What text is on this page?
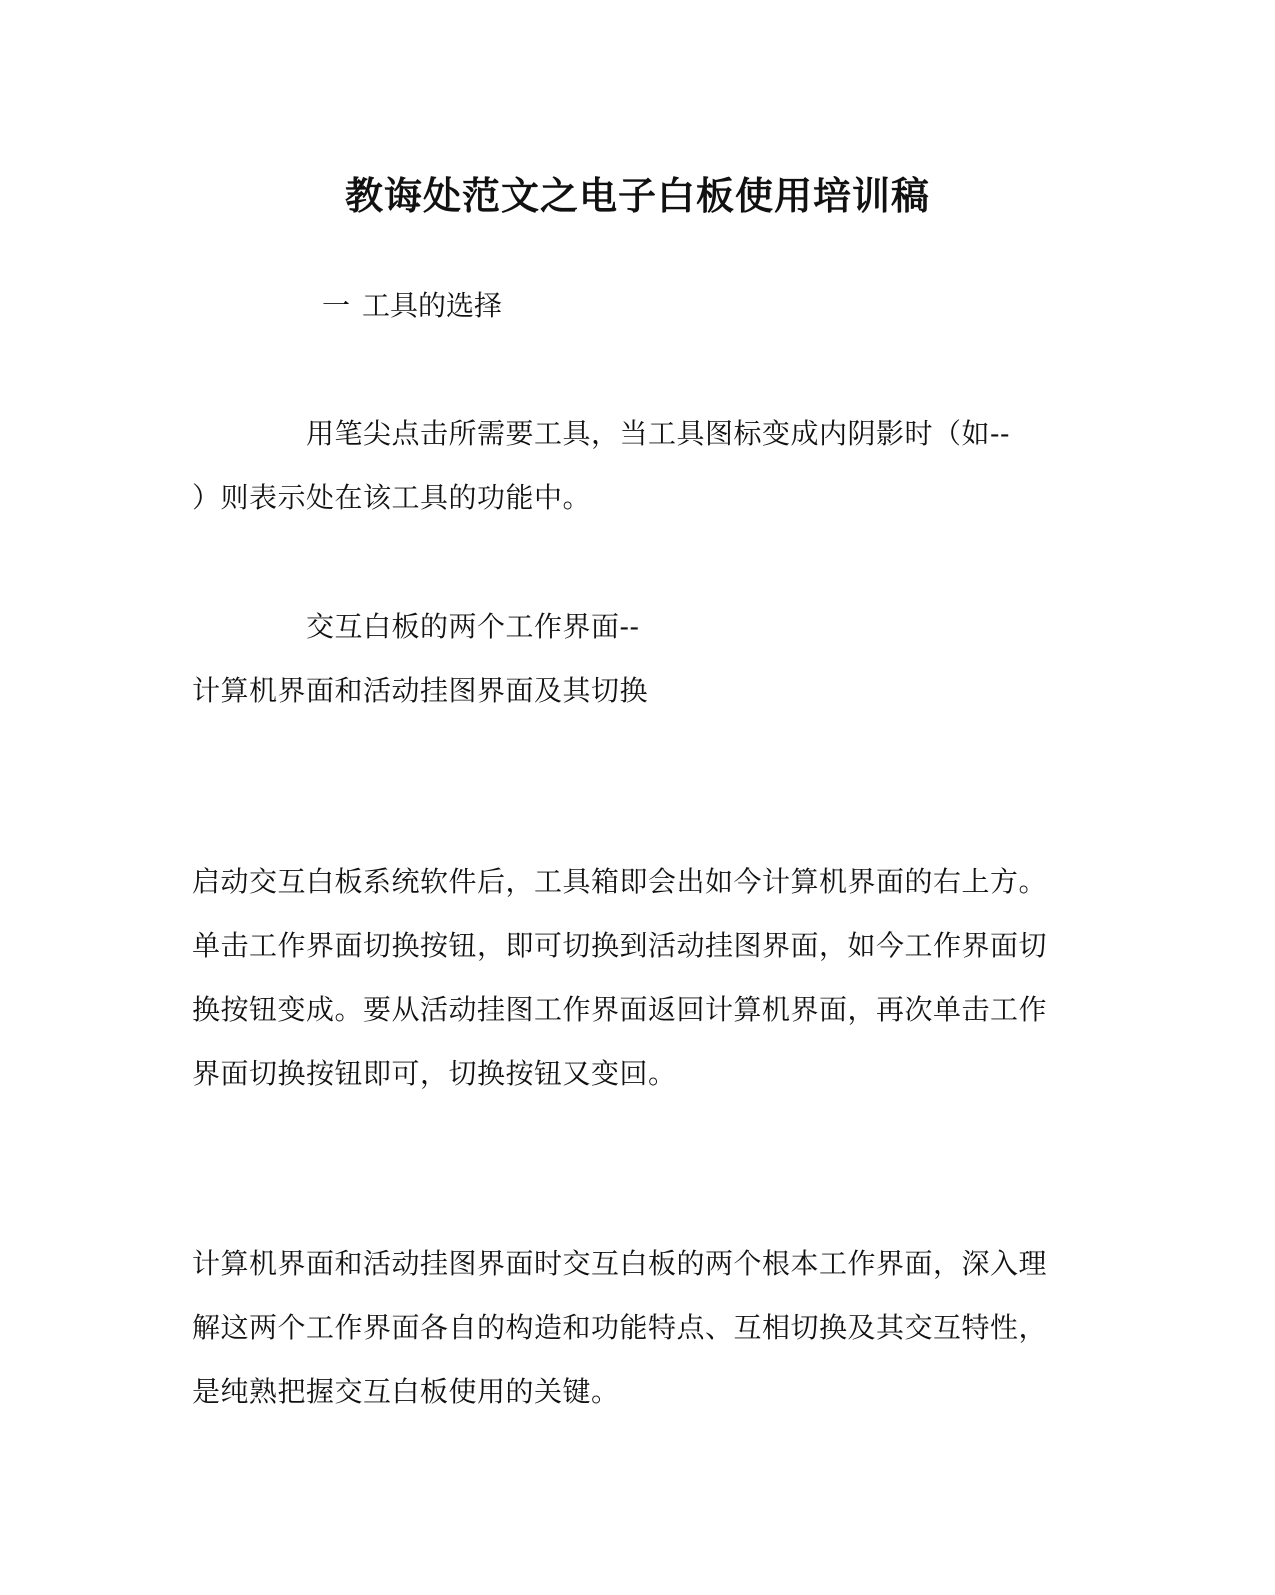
教诲处范文之电子白板使用培训稿
一 工具的选择
用笔尖点击所需要工具，当工具图标变成内阴影时（如--
）则表示处在该工具的功能中。
交互白板的两个工作界面--
计算机界面和活动挂图界面及其切换
启动交互白板系统软件后，工具箱即会出如今计算机界面的右上方。
单击工作界面切换按钮，即可切换到活动挂图界面，如今工作界面切
换按钮变成。要从活动挂图工作界面返回计算机界面，再次单击工作
界面切换按钮即可，切换按钮又变回。
计算机界面和活动挂图界面时交互白板的两个根本工作界面，深入理
解这两个工作界面各自的构造和功能特点、互相切换及其交互特性，
是纯熟把握交互白板使用的关键。
